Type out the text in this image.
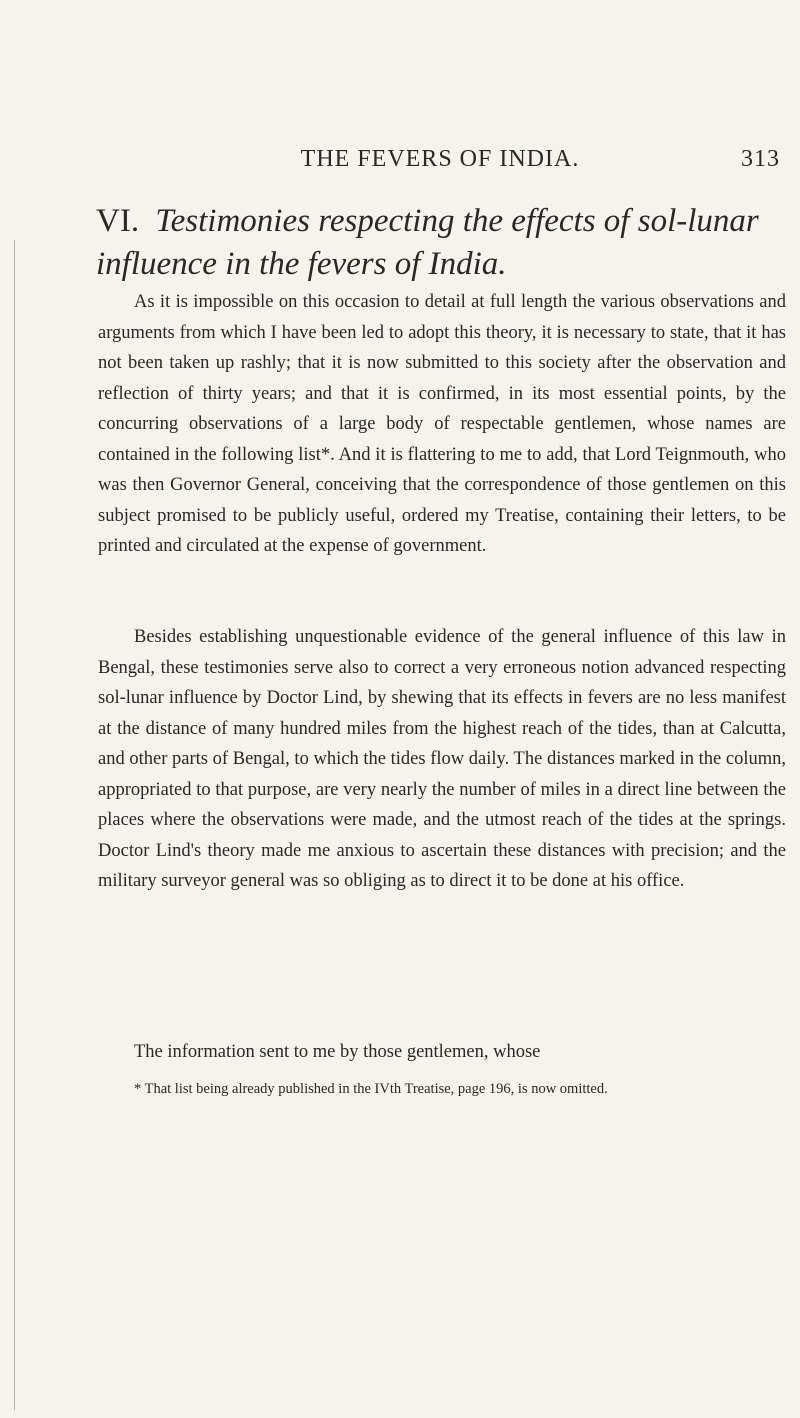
THE FEVERS OF INDIA.	313
VI. Testimonies respecting the effects of sol-lunar influence in the fevers of India.

As it is impossible on this occasion to detail at full length the various observations and arguments from which I have been led to adopt this theory, it is necessary to state, that it has not been taken up rashly; that it is now submitted to this society after the observation and reflection of thirty years; and that it is confirmed, in its most essential points, by the concurring observations of a large body of respectable gentlemen, whose names are contained in the following list*. And it is flattering to me to add, that Lord Teignmouth, who was then Governor General, conceiving that the correspondence of those gentlemen on this subject promised to be publicly useful, ordered my Treatise, containing their letters, to be printed and circulated at the expense of government.

Besides establishing unquestionable evidence of the general influence of this law in Bengal, these testimonies serve also to correct a very erroneous notion advanced respecting sol-lunar influence by Doctor Lind, by shewing that its effects in fevers are no less manifest at the distance of many hundred miles from the highest reach of the tides, than at Calcutta, and other parts of Bengal, to which the tides flow daily. The distances marked in the column, appropriated to that purpose, are very nearly the number of miles in a direct line between the places where the observations were made, and the utmost reach of the tides at the springs. Doctor Lind's theory made me anxious to ascertain these distances with precision; and the military surveyor general was so obliging as to direct it to be done at his office.

The information sent to me by those gentlemen, whose

* That list being already published in the IVth Treatise, page 196, is now omitted.
